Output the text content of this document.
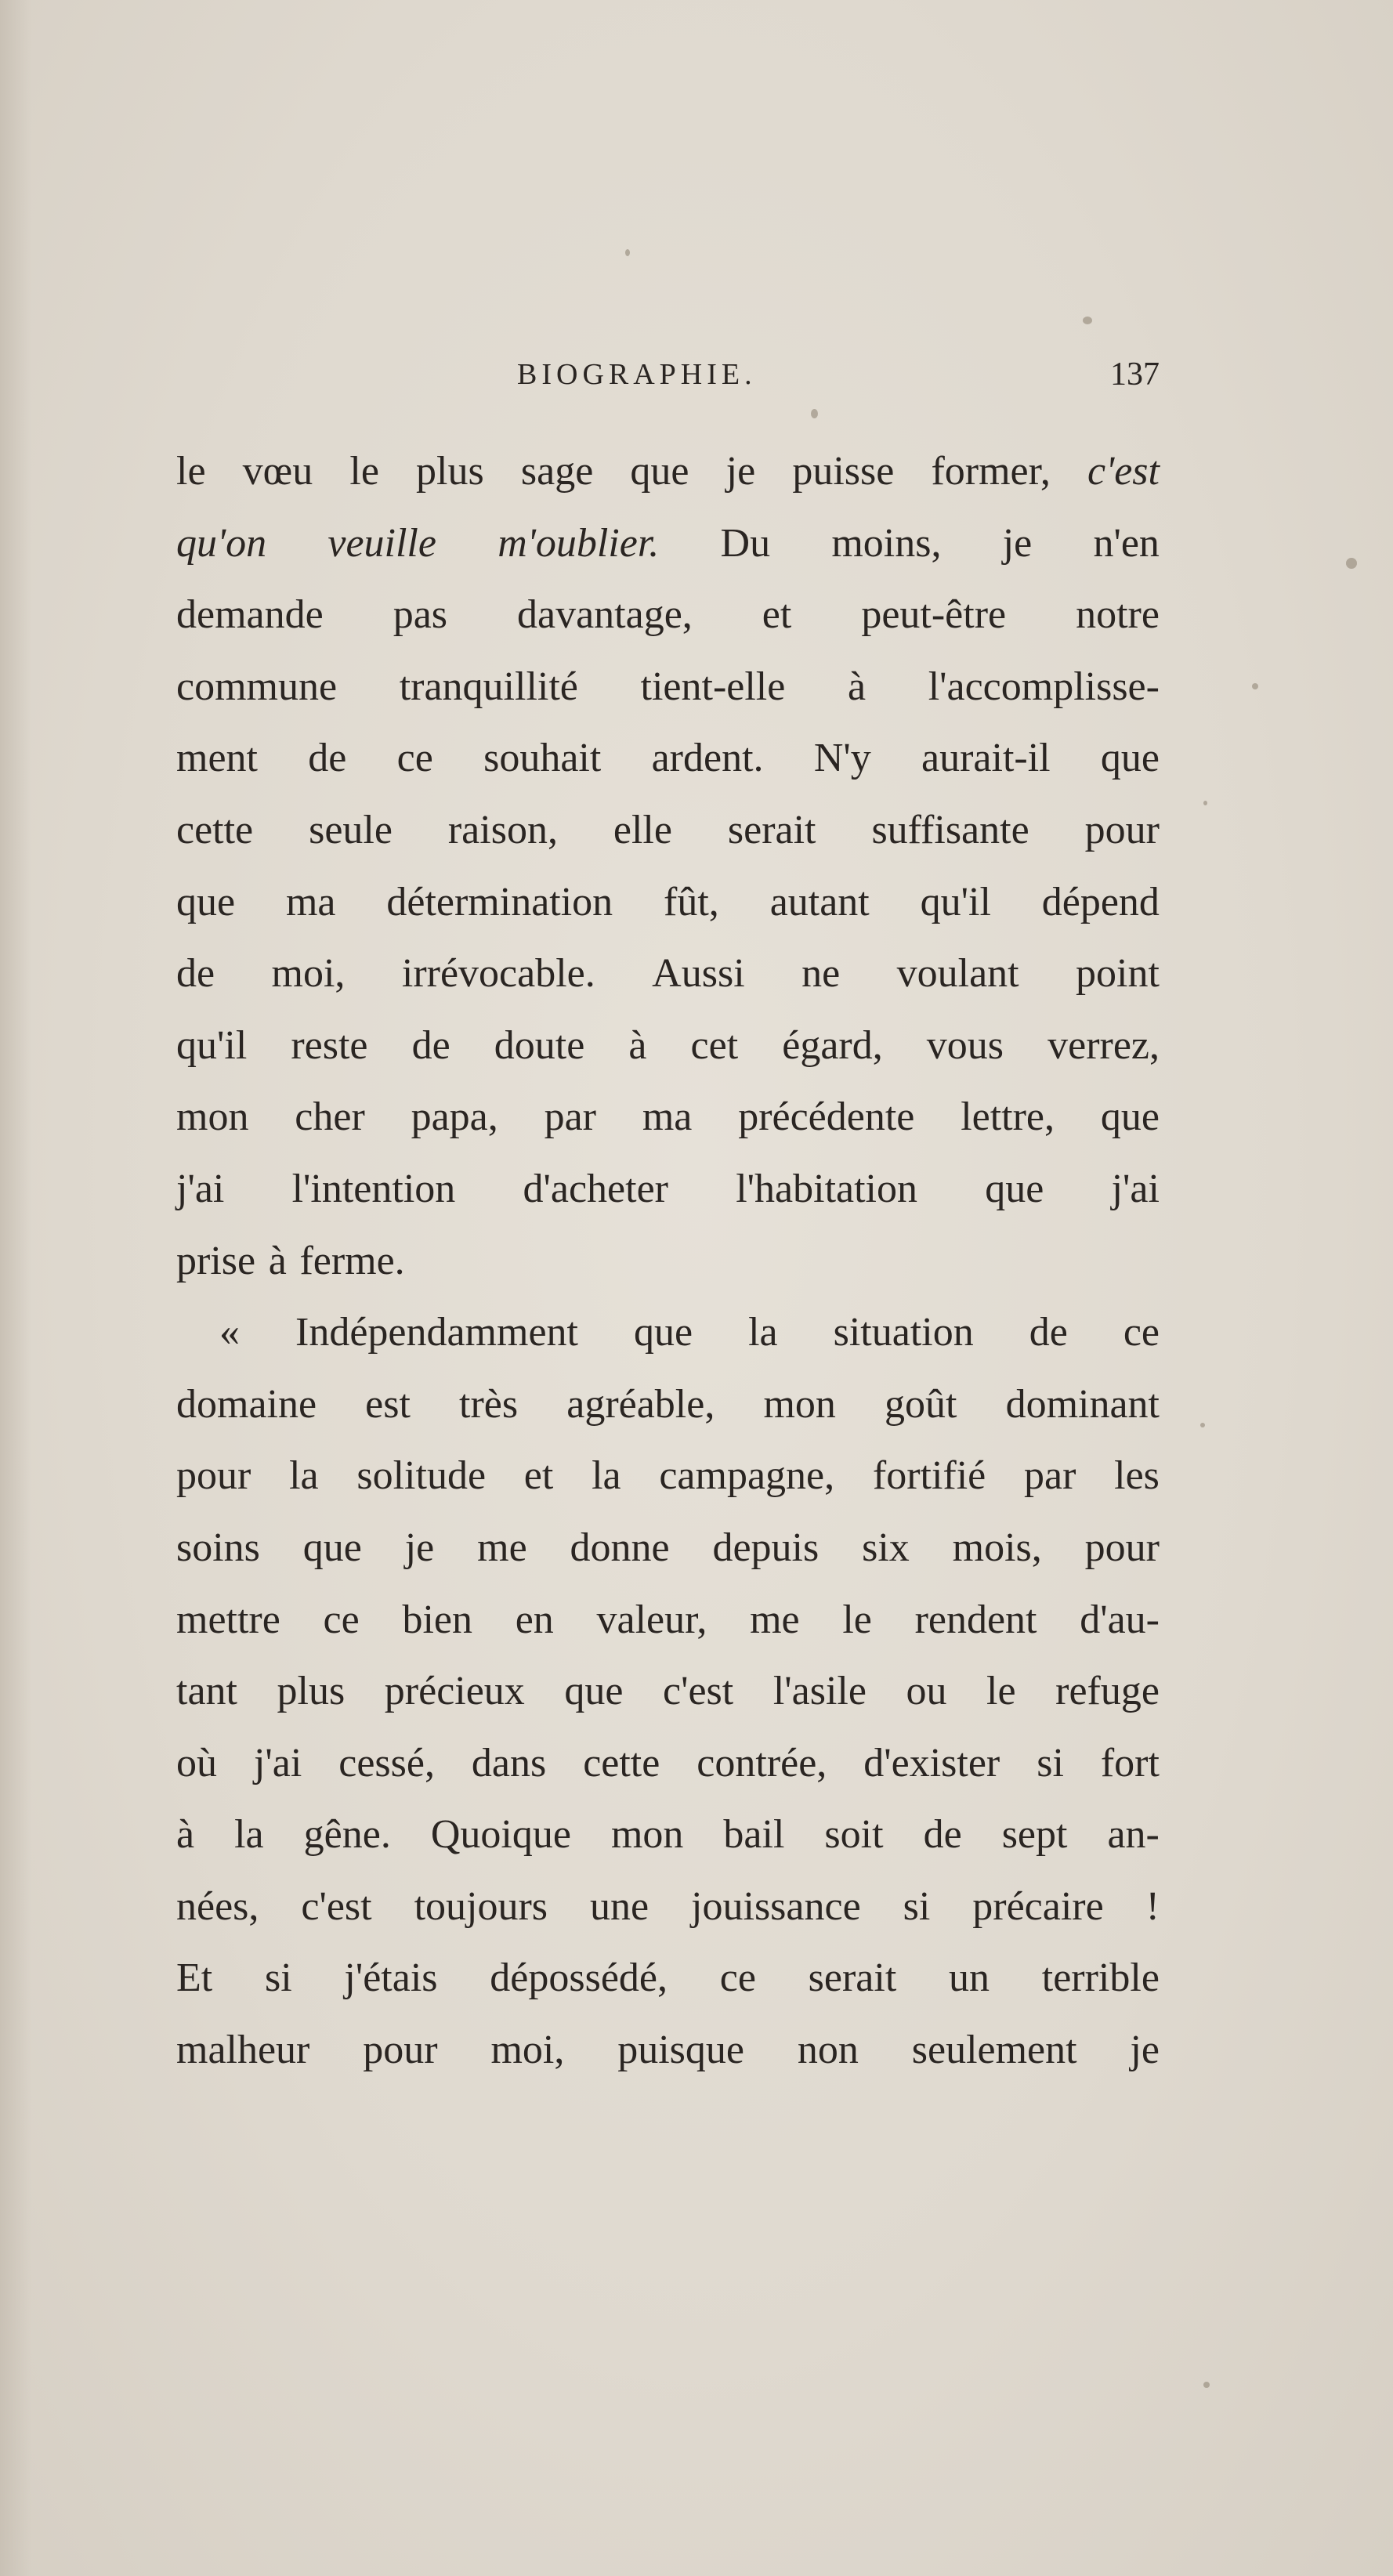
BIOGRAPHIE.	137
le vœu le plus sage que je puisse former, c'est
qu'on veuille m'oublier. Du moins, je n'en
demande pas davantage, et peut-être notre
commune tranquillité tient-elle à l'accomplisse-
ment de ce souhait ardent. N'y aurait-il que
cette seule raison, elle serait suffisante pour
que ma détermination fût, autant qu'il dépend
de moi, irrévocable. Aussi ne voulant point
qu'il reste de doute à cet égard, vous verrez,
mon cher papa, par ma précédente lettre, que
j'ai l'intention d'acheter l'habitation que j'ai
prise à ferme.
« Indépendamment que la situation de ce
domaine est très agréable, mon goût dominant
pour la solitude et la campagne, fortifié par les
soins que je me donne depuis six mois, pour
mettre ce bien en valeur, me le rendent d'au-
tant plus précieux que c'est l'asile ou le refuge
où j'ai cessé, dans cette contrée, d'exister si fort
à la gêne. Quoique mon bail soit de sept an-
nées, c'est toujours une jouissance si précaire !
Et si j'étais dépossédé, ce serait un terrible
malheur pour moi, puisque non seulement je
